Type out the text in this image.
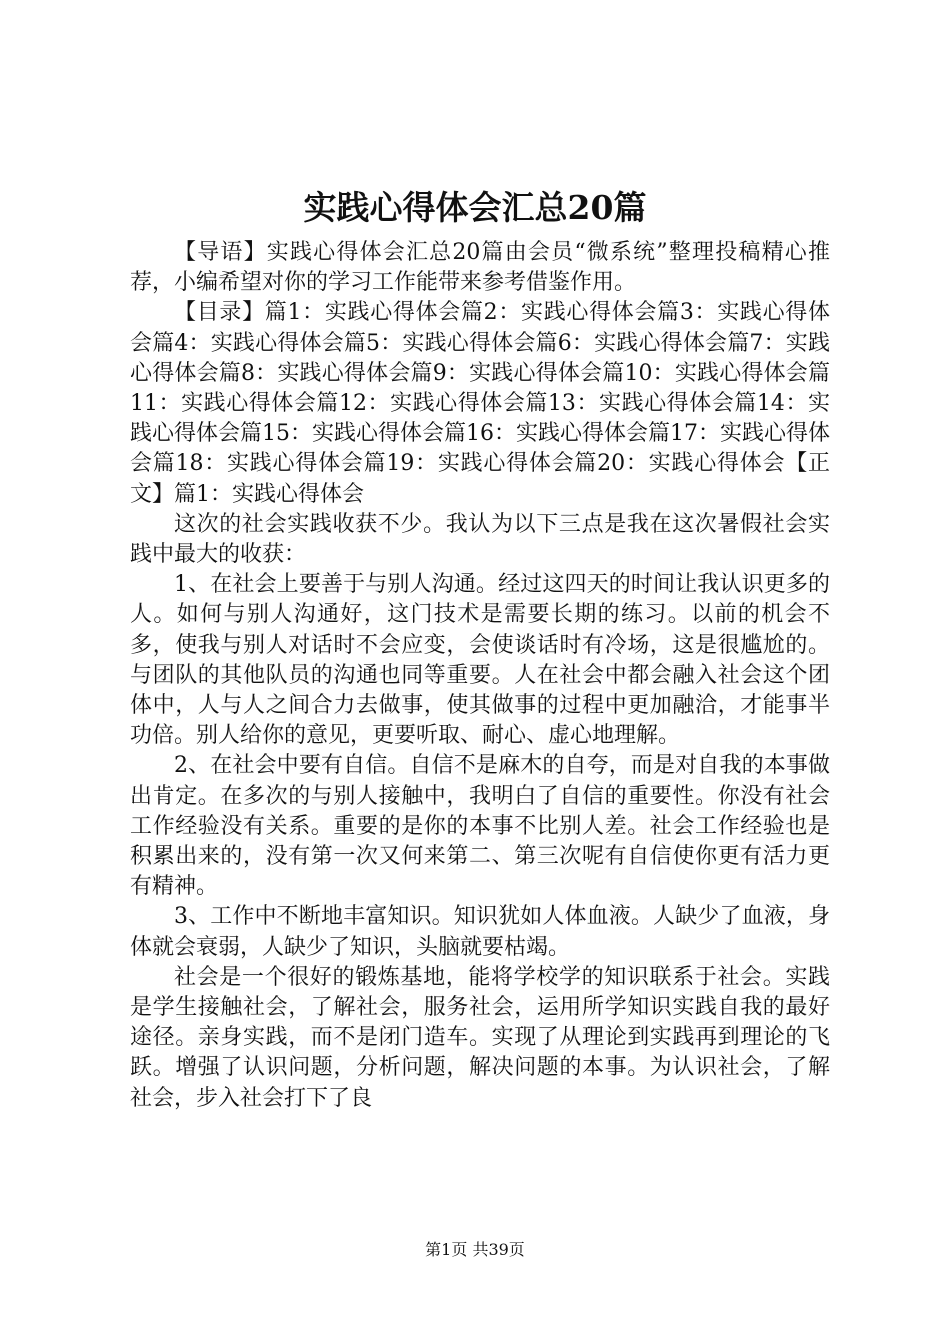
实践心得体会汇总20篇

【导语】实践心得体会汇总20篇由会员“微系统”整理投稿精心推荐，小编希望对你的学习工作能带来参考借鉴作用。

【目录】篇1：实践心得体会篇2：实践心得体会篇3：实践心得体会篇4：实践心得体会篇5：实践心得体会篇6：实践心得体会篇7：实践心得体会篇8：实践心得体会篇9：实践心得体会篇10：实践心得体会篇11：实践心得体会篇12：实践心得体会篇13：实践心得体会篇14：实践心得体会篇15：实践心得体会篇16：实践心得体会篇17：实践心得体会篇18：实践心得体会篇19：实践心得体会篇20：实践心得体会【正文】篇1：实践心得体会

这次的社会实践收获不少。我认为以下三点是我在这次暑假社会实践中最大的收获：

1、在社会上要善于与别人沟通。经过这四天的时间让我认识更多的人。如何与别人沟通好，这门技术是需要长期的练习。以前的机会不多，使我与别人对话时不会应变，会使谈话时有冷场，这是很尴尬的。与团队的其他队员的沟通也同等重要。人在社会中都会融入社会这个团体中，人与人之间合力去做事，使其做事的过程中更加融洽，才能事半功倍。别人给你的意见，更要听取、耐心、虚心地理解。

2、在社会中要有自信。自信不是麻木的自夸，而是对自我的本事做出肯定。在多次的与别人接触中，我明白了自信的重要性。你没有社会工作经验没有关系。重要的是你的本事不比别人差。社会工作经验也是积累出来的，没有第一次又何来第二、第三次呢有自信使你更有活力更有精神。

3、工作中不断地丰富知识。知识犹如人体血液。人缺少了血液，身体就会衰弱，人缺少了知识，头脑就要枯竭。

社会是一个很好的锻炼基地，能将学校学的知识联系于社会。实践是学生接触社会，了解社会，服务社会，运用所学知识实践自我的最好途径。亲身实践，而不是闭门造车。实现了从理论到实践再到理论的飞跃。增强了认识问题，分析问题，解决问题的本事。为认识社会，了解社会，步入社会打下了良

第1页 共39页
